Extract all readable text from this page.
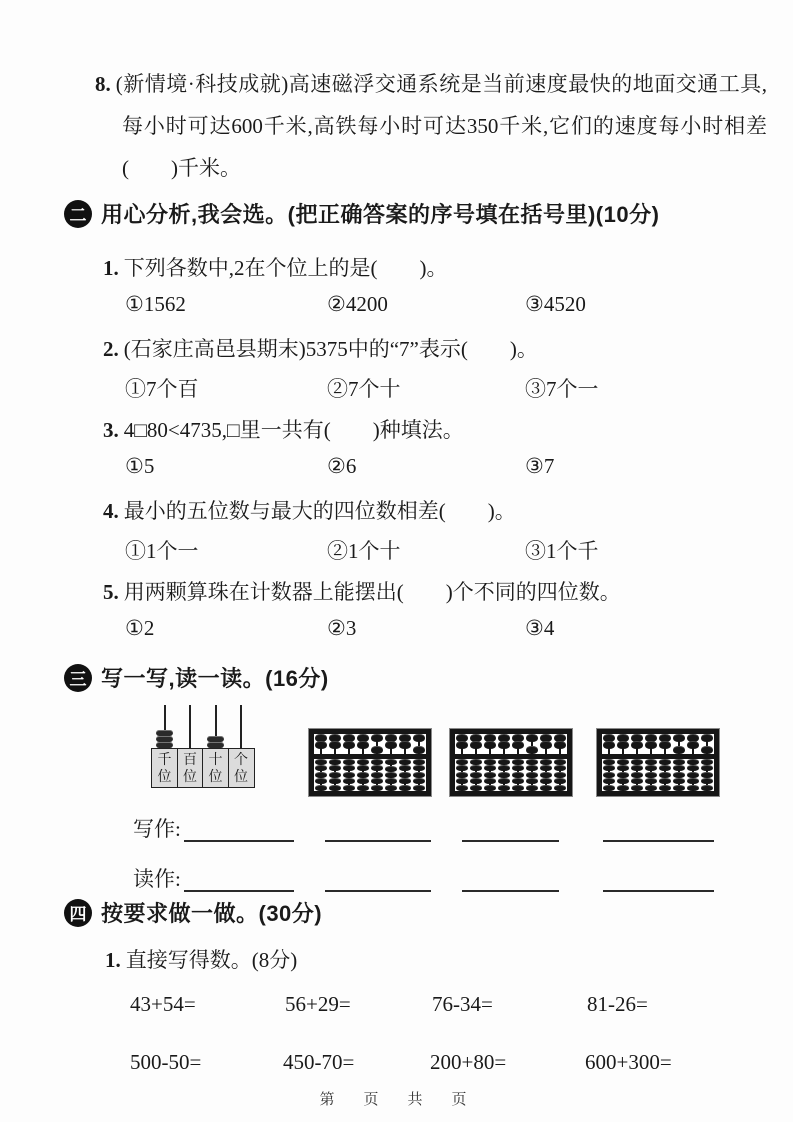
8. (新情境·科技成就)高速磁浮交通系统是当前速度最快的地面交通工具,每小时可达600千米,高铁每小时可达350千米,它们的速度每小时相差(　　)千米。
二 用心分析,我会选。(把正确答案的序号填在括号里)(10分)
1. 下列各数中,2在个位上的是(　　)。
①1562	②4200	③4520
2. (石家庄高邑县期末)5375中的“7”表示(　　)。
①7个百	②7个十	③7个一
3. 4□80<4735,□里一共有(　　)种填法。
①5	②6	③7
4. 最小的五位数与最大的四位数相差(　　)。
①1个一	②1个十	③1个千
5. 用两颗算珠在计数器上能摆出(　　)个不同的四位数。
①2	②3	③4
三 写一写,读一读。(16分)
千位
百位
十位
个位
写作:
读作:
四 按要求做一做。(30分)
1. 直接写得数。(8分)
43+54=	56+29=	76-34=	81-26=
500-50=	450-70=	200+80=	600+300=
第　页　共　页
